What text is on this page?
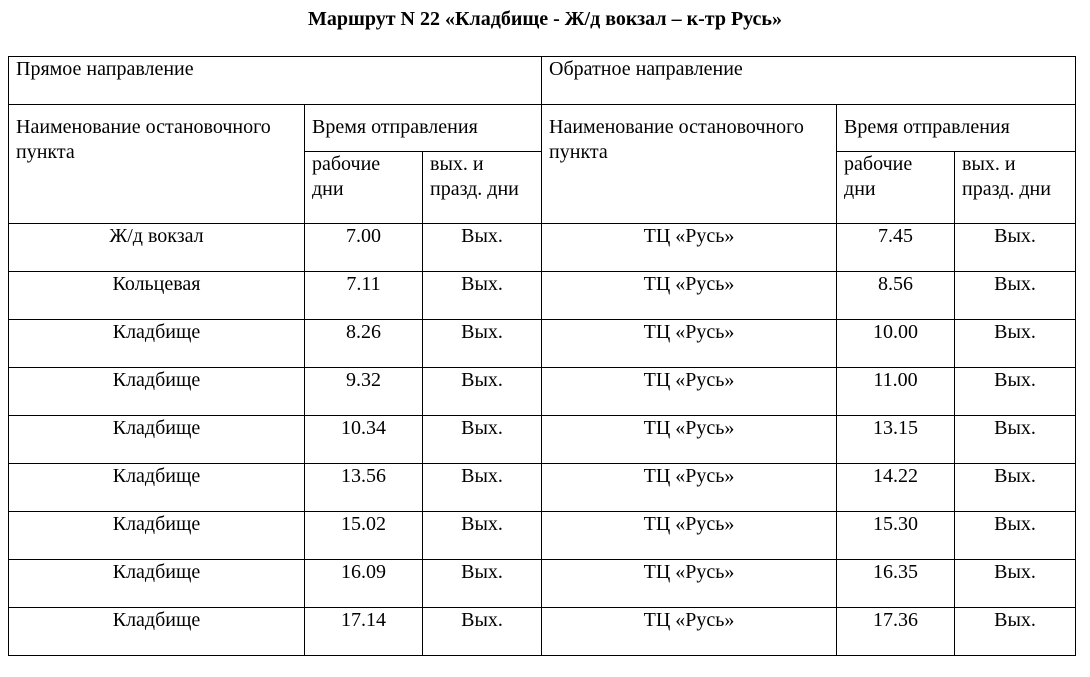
Маршрут N 22 «Кладбище - Ж/д вокзал – к-тр Русь»
Прямое направление			Обратное направление		
Наименование остановочного пункта	Время отправления		Наименование остановочного пункта	Время отправления	
	рабочие дни	вых. и празд. дни		рабочие дни	вых. и празд. дни
Ж/д вокзал	7.00	Вых.	ТЦ «Русь»	7.45	Вых.
Кольцевая	7.11	Вых.	ТЦ «Русь»	8.56	Вых.
Кладбище	8.26	Вых.	ТЦ «Русь»	10.00	Вых.
Кладбище	9.32	Вых.	ТЦ «Русь»	11.00	Вых.
Кладбище	10.34	Вых.	ТЦ «Русь»	13.15	Вых.
Кладбище	13.56	Вых.	ТЦ «Русь»	14.22	Вых.
Кладбище	15.02	Вых.	ТЦ «Русь»	15.30	Вых.
Кладбище	16.09	Вых.	ТЦ «Русь»	16.35	Вых.
Кладбище	17.14	Вых.	ТЦ «Русь»	17.36	Вых.
